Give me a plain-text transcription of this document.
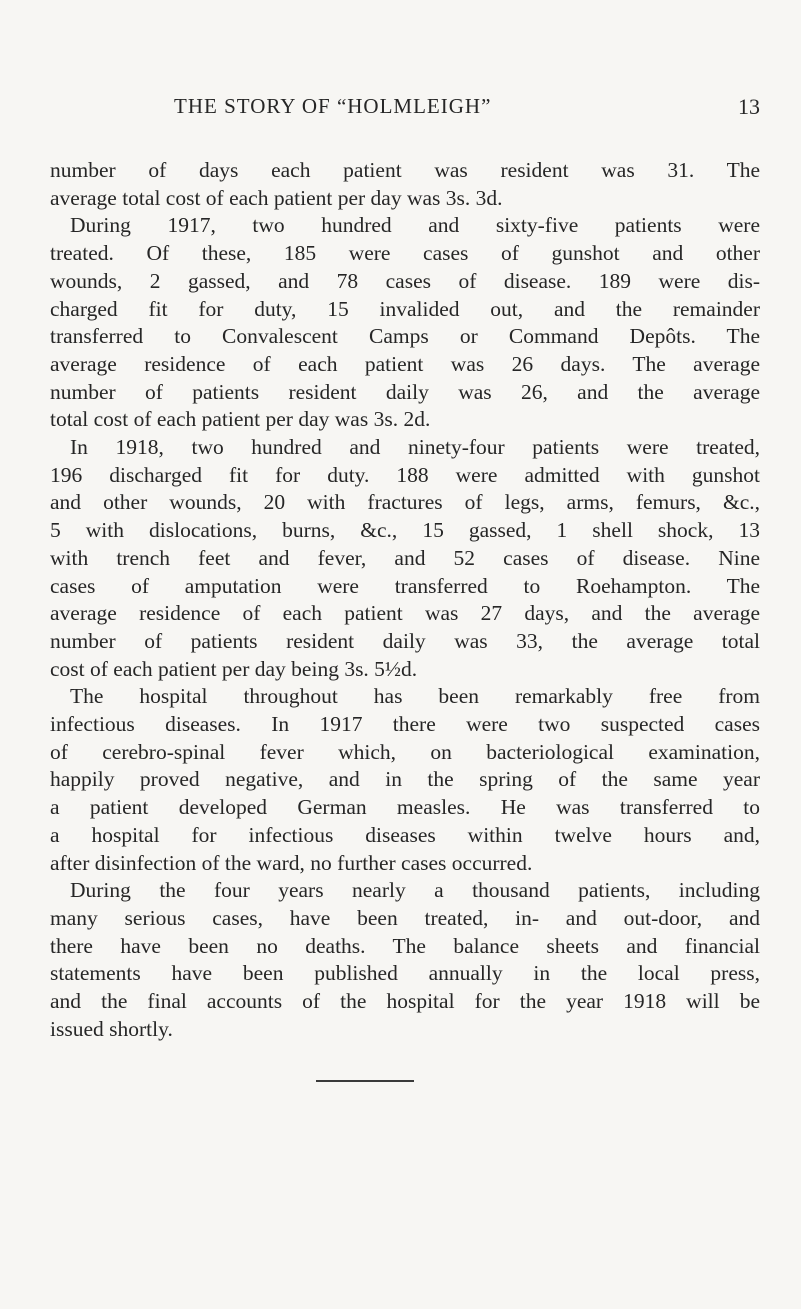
THE STORY OF “HOLMLEIGH”	13
number of days each patient was resident was 31. The
average total cost of each patient per day was 3s. 3d.
During 1917, two hundred and sixty-five patients were
treated. Of these, 185 were cases of gunshot and other
wounds, 2 gassed, and 78 cases of disease. 189 were dis-
charged fit for duty, 15 invalided out, and the remainder
transferred to Convalescent Camps or Command Depôts. The
average residence of each patient was 26 days. The average
number of patients resident daily was 26, and the average
total cost of each patient per day was 3s. 2d.
In 1918, two hundred and ninety-four patients were treated,
196 discharged fit for duty. 188 were admitted with gunshot
and other wounds, 20 with fractures of legs, arms, femurs, &c.,
5 with dislocations, burns, &c., 15 gassed, 1 shell shock, 13
with trench feet and fever, and 52 cases of disease. Nine
cases of amputation were transferred to Roehampton. The
average residence of each patient was 27 days, and the average
number of patients resident daily was 33, the average total
cost of each patient per day being 3s. 5½d.
The hospital throughout has been remarkably free from
infectious diseases. In 1917 there were two suspected cases
of cerebro-spinal fever which, on bacteriological examination,
happily proved negative, and in the spring of the same year
a patient developed German measles. He was transferred to
a hospital for infectious diseases within twelve hours and,
after disinfection of the ward, no further cases occurred.
During the four years nearly a thousand patients, including
many serious cases, have been treated, in- and out-door, and
there have been no deaths. The balance sheets and financial
statements have been published annually in the local press,
and the final accounts of the hospital for the year 1918 will be
issued shortly.
